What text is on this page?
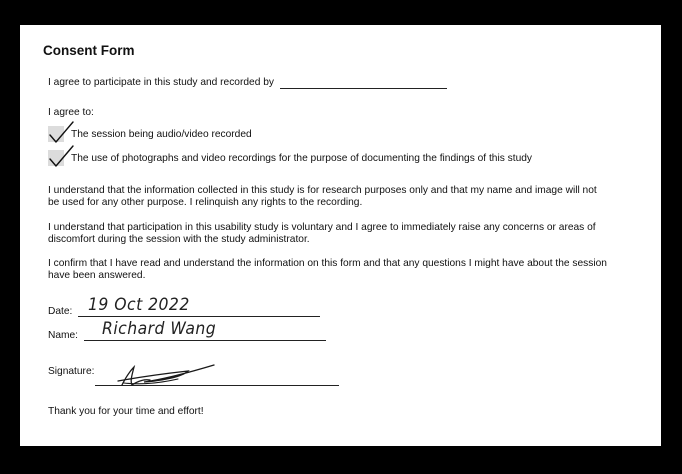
Consent Form
I agree to participate in this study and recorded by
I agree to:
The session being audio/video recorded
The use of photographs and video recordings for the purpose of documenting the findings of this study
I understand that the information collected in this study is for research purposes only and that my name and image will not be used for any other purpose. I relinquish any rights to the recording.
I understand that participation in this usability study is voluntary and I agree to immediately raise any concerns or areas of discomfort during the session with the study administrator.
I confirm that I have read and understand the information on this form and that any questions I might have about the session have been answered.
Date: 19 Oct 2022
Name: Richard Wang
Signature:
Thank you for your time and effort!
